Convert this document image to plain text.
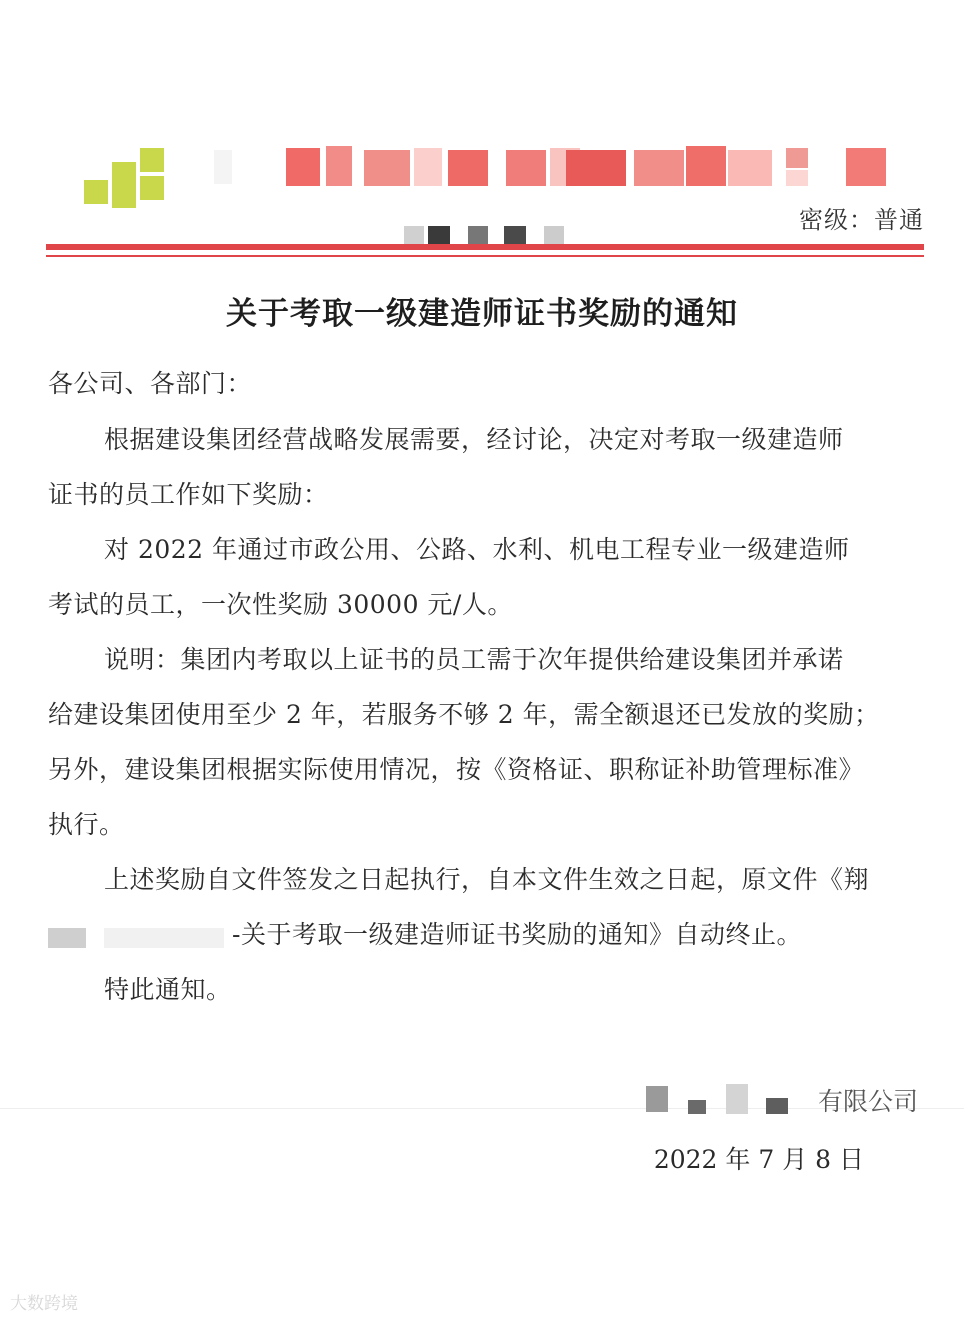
密级：普通
关于考取一级建造师证书奖励的通知
各公司、各部门：
根据建设集团经营战略发展需要，经讨论，决定对考取一级建造师
证书的员工作如下奖励：
对 2022 年通过市政公用、公路、水利、机电工程专业一级建造师
考试的员工，一次性奖励 30000 元/人。
说明：集团内考取以上证书的员工需于次年提供给建设集团并承诺
给建设集团使用至少 2 年，若服务不够 2 年，需全额退还已发放的奖励；
另外，建设集团根据实际使用情况，按《资格证、职称证补助管理标准》
执行。
上述奖励自文件签发之日起执行，自本文件生效之日起，原文件《翔
-关于考取一级建造师证书奖励的通知》自动终止。
特此通知。
有限公司
2022 年 7 月 8 日
大数跨境
